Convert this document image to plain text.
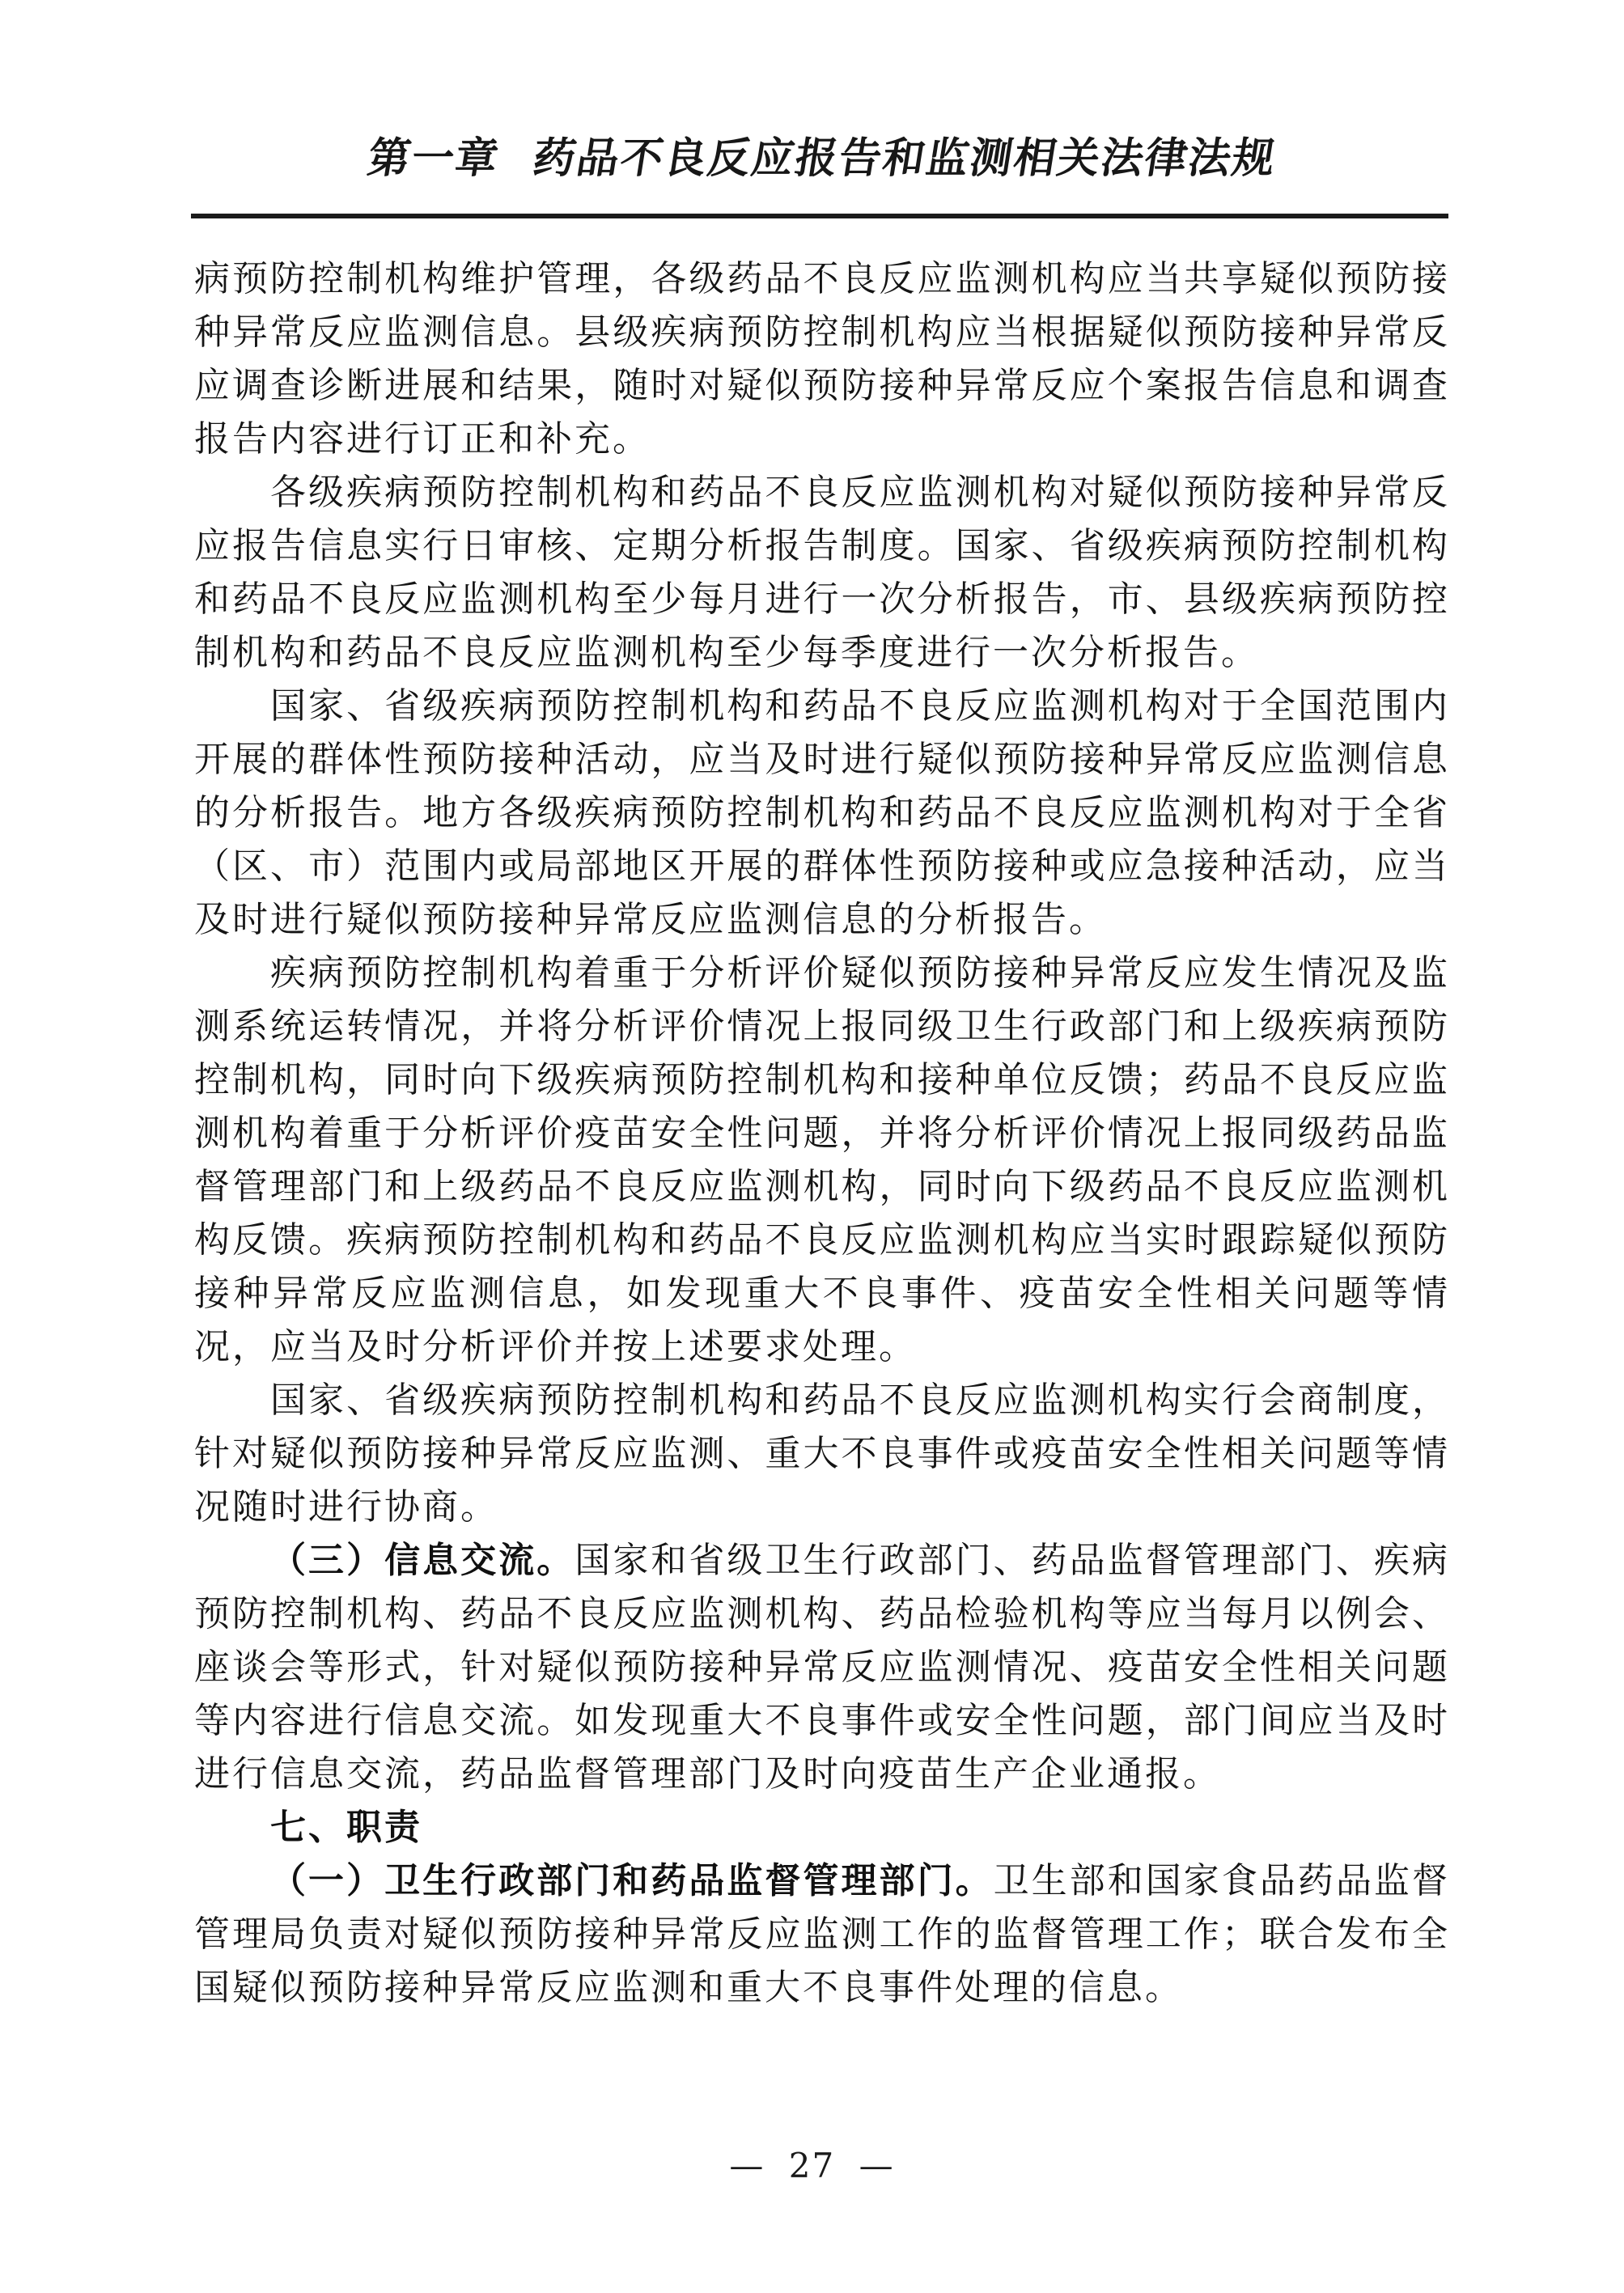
第一章 药品不良反应报告和监测相关法律法规

病预防控制机构维护管理，各级药品不良反应监测机构应当共享疑似预防接种异常反应监测信息。县级疾病预防控制机构应当根据疑似预防接种异常反应调查诊断进展和结果，随时对疑似预防接种异常反应个案报告信息和调查报告内容进行订正和补充。

各级疾病预防控制机构和药品不良反应监测机构对疑似预防接种异常反应报告信息实行日审核、定期分析报告制度。国家、省级疾病预防控制机构和药品不良反应监测机构至少每月进行一次分析报告，市、县级疾病预防控制机构和药品不良反应监测机构至少每季度进行一次分析报告。

国家、省级疾病预防控制机构和药品不良反应监测机构对于全国范围内开展的群体性预防接种活动，应当及时进行疑似预防接种异常反应监测信息的分析报告。地方各级疾病预防控制机构和药品不良反应监测机构对于全省（区、市）范围内或局部地区开展的群体性预防接种或应急接种活动，应当及时进行疑似预防接种异常反应监测信息的分析报告。

疾病预防控制机构着重于分析评价疑似预防接种异常反应发生情况及监测系统运转情况，并将分析评价情况上报同级卫生行政部门和上级疾病预防控制机构，同时向下级疾病预防控制机构和接种单位反馈；药品不良反应监测机构着重于分析评价疫苗安全性问题，并将分析评价情况上报同级药品监督管理部门和上级药品不良反应监测机构，同时向下级药品不良反应监测机构反馈。疾病预防控制机构和药品不良反应监测机构应当实时跟踪疑似预防接种异常反应监测信息，如发现重大不良事件、疫苗安全性相关问题等情况，应当及时分析评价并按上述要求处理。

国家、省级疾病预防控制机构和药品不良反应监测机构实行会商制度，针对疑似预防接种异常反应监测、重大不良事件或疫苗安全性相关问题等情况随时进行协商。

（三）信息交流。国家和省级卫生行政部门、药品监督管理部门、疾病预防控制机构、药品不良反应监测机构、药品检验机构等应当每月以例会、座谈会等形式，针对疑似预防接种异常反应监测情况、疫苗安全性相关问题等内容进行信息交流。如发现重大不良事件或安全性问题，部门间应当及时进行信息交流，药品监督管理部门及时向疫苗生产企业通报。

七、职责

（一）卫生行政部门和药品监督管理部门。卫生部和国家食品药品监督管理局负责对疑似预防接种异常反应监测工作的监督管理工作；联合发布全国疑似预防接种异常反应监测和重大不良事件处理的信息。

— 27 —
